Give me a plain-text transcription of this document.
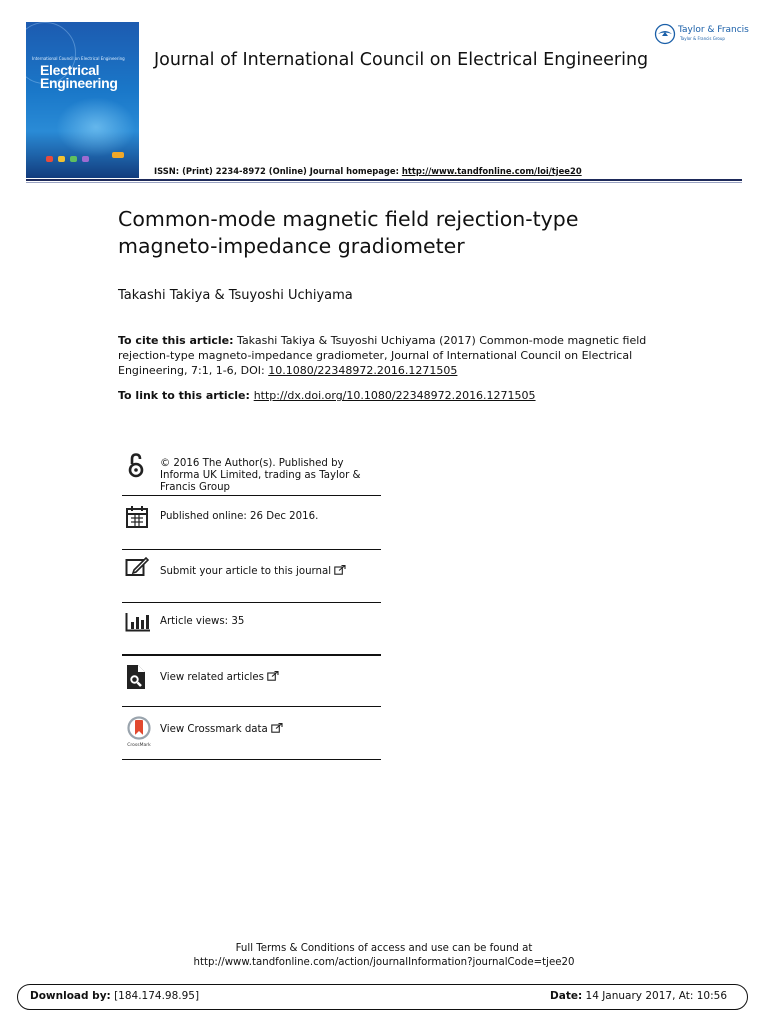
International Council on Electrical Engineering
Electrical
Engineering
Journal of International Council on Electrical Engineering
ISSN: (Print) 2234-8972 (Online) Journal homepage: http://www.tandfonline.com/loi/tjee20
Taylor & Francis
Taylor & Francis Group
Common-mode magnetic field rejection-type
magneto-impedance gradiometer
Takashi Takiya & Tsuyoshi Uchiyama

To cite this article: Takashi Takiya & Tsuyoshi Uchiyama (2017) Common-mode magnetic field rejection-type magneto-impedance gradiometer, Journal of International Council on Electrical Engineering, 7:1, 1-6, DOI: 10.1080/22348972.2016.1271505

To link to this article: http://dx.doi.org/10.1080/22348972.2016.1271505
© 2016 The Author(s). Published by Informa UK Limited, trading as Taylor & Francis Group
Published online: 26 Dec 2016.
Submit your article to this journal
Article views: 35
View related articles
CrossMark
View Crossmark data
Full Terms & Conditions of access and use can be found at
http://www.tandfonline.com/action/journalInformation?journalCode=tjee20
Download by: [184.174.98.95]	Date: 14 January 2017, At: 10:56
